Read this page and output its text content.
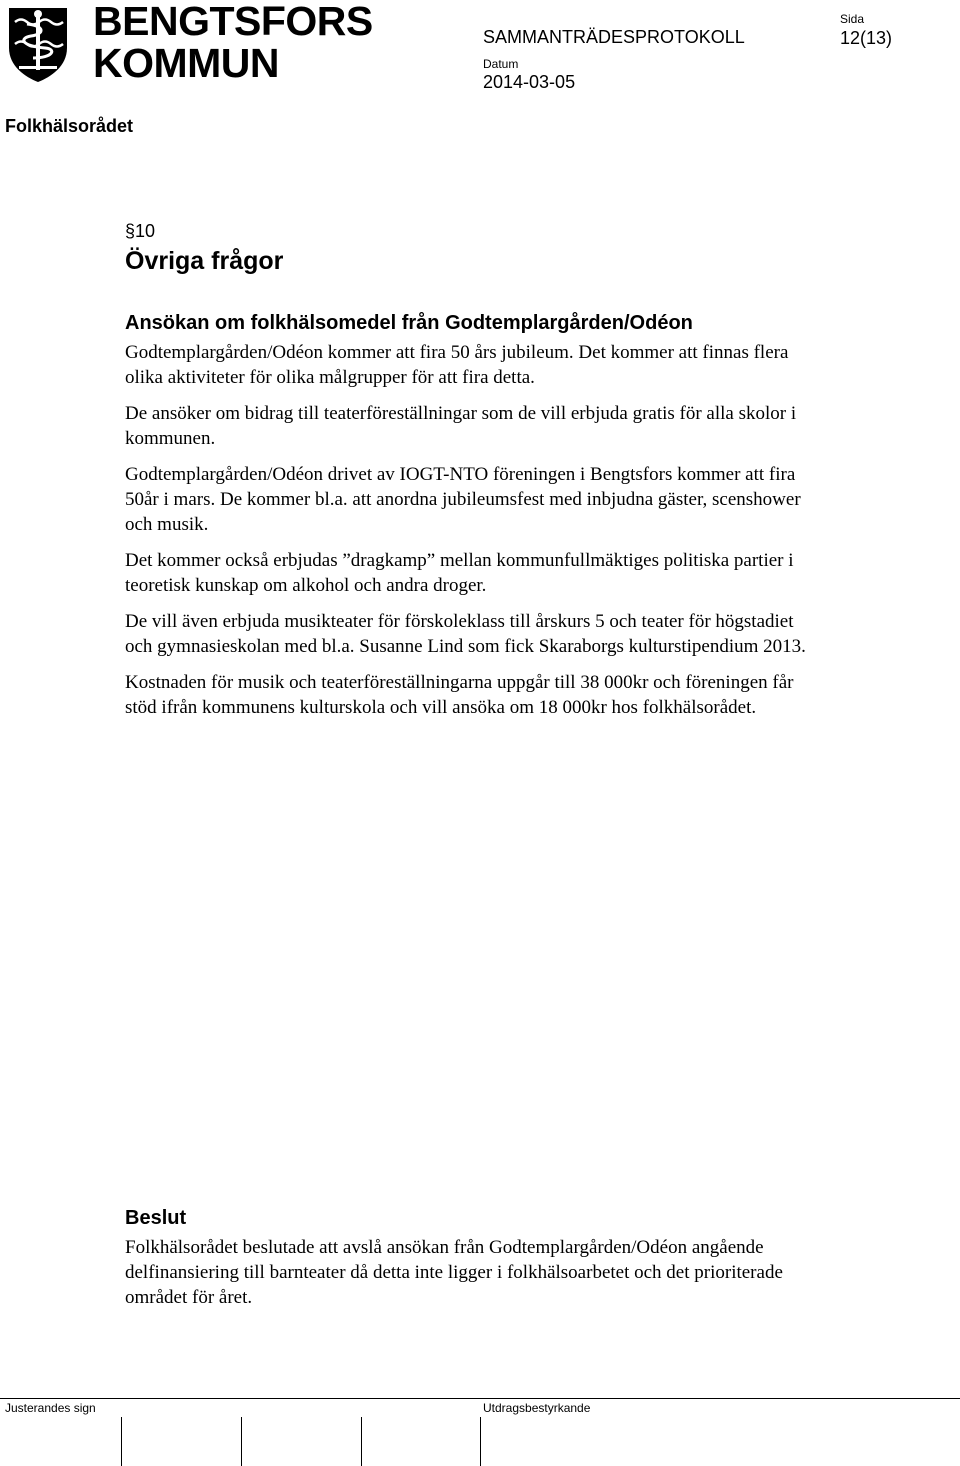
BENGTSFORS
KOMMUN
SAMMANTRÄDESPROTOKOLL
Datum
2014-03-05
Sida
12(13)
Folkhälsorådet
§10
Övriga frågor
Ansökan om folkhälsomedel från Godtemplargården/Odéon

Godtemplargården/Odéon kommer att fira 50 års jubileum. Det kommer att finnas flera olika aktiviteter för olika målgrupper för att fira detta.

De ansöker om bidrag till teaterföreställningar som de vill erbjuda gratis för alla skolor i kommunen.

Godtemplargården/Odéon drivet av IOGT-NTO föreningen i Bengtsfors kommer att fira 50år i mars. De kommer bl.a. att anordna jubileumsfest med inbjudna gäster, scenshower och musik.

Det kommer också erbjudas ”dragkamp” mellan kommunfullmäktiges politiska partier i teoretisk kunskap om alkohol och andra droger.

De vill även erbjuda musikteater för förskoleklass till årskurs 5 och teater för högstadiet och gymnasieskolan med bl.a. Susanne Lind som fick Skaraborgs kulturstipendium 2013.

Kostnaden för musik och teaterföreställningarna uppgår till 38 000kr och föreningen får stöd ifrån kommunens kulturskola och vill ansöka om 18 000kr hos folkhälsorådet.

Beslut

Folkhälsorådet beslutade att avslå ansökan från Godtemplargården/Odéon angående delfinansiering till barnteater då detta inte ligger i folkhälsoarbetet och det prioriterade området för året.

Justerandes sign	Utdragsbestyrkande
